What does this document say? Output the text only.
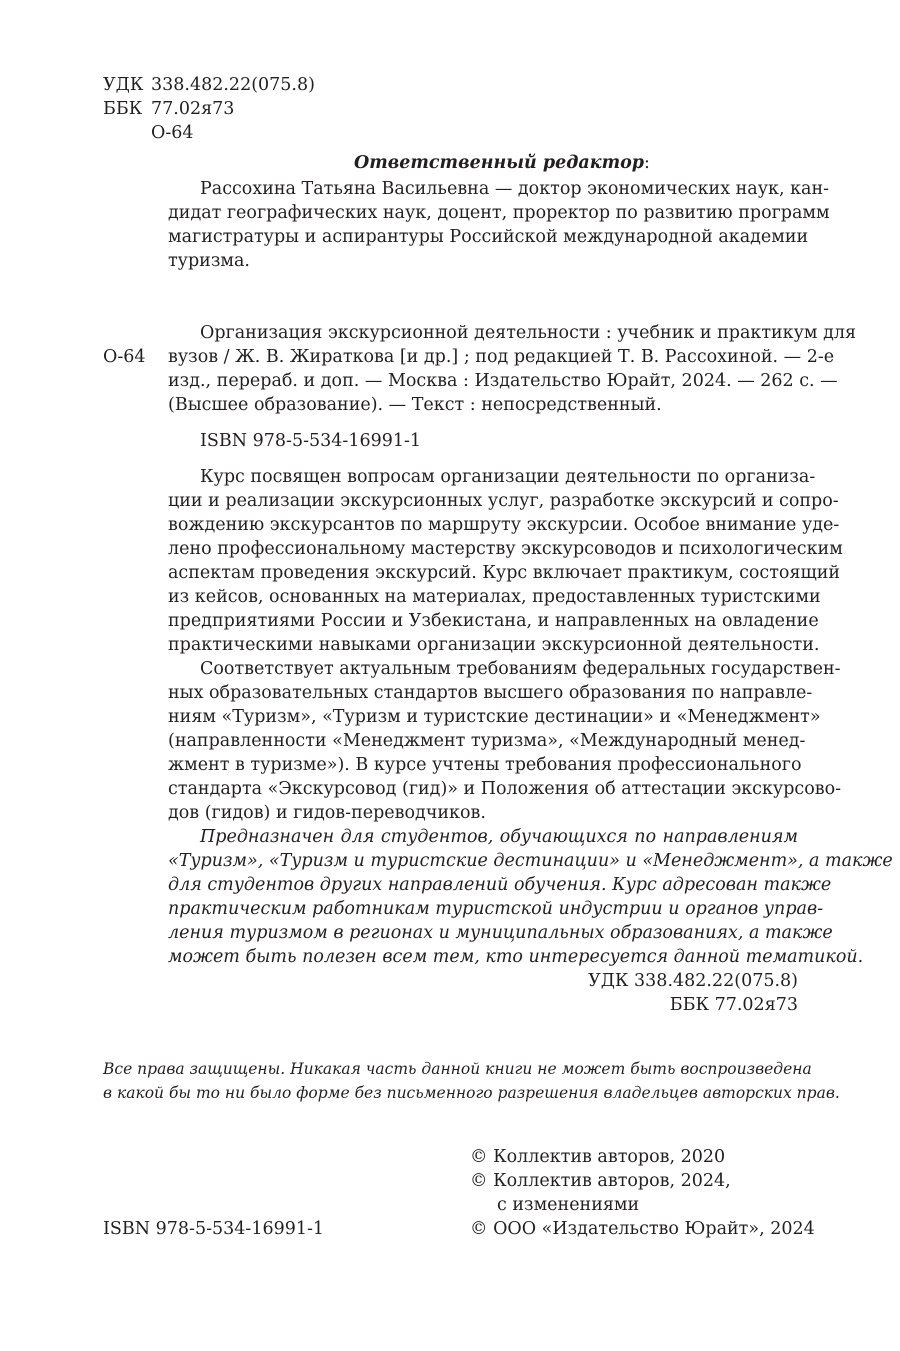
УДК 338.482.22(075.8)
ББК 77.02я73
О-64
Ответственный редактор:
Рассохина Татьяна Васильевна — доктор экономических наук, кан-
дидат географических наук, доцент, проректор по развитию программ
магистратуры и аспирантуры Российской международной академии
туризма.
О-64
Организация экскурсионной деятельности : учебник и практикум для
вузов / Ж. В. Жираткова [и др.] ; под редакцией Т. В. Рассохиной. — 2-е
изд., перераб. и доп. — Москва : Издательство Юрайт, 2024. — 262 с. —
(Высшее образование). — Текст : непосредственный.
ISBN 978-5-534-16991-1
Курс посвящен вопросам организации деятельности по организа-
ции и реализации экскурсионных услуг, разработке экскурсий и сопро-
вождению экскурсантов по маршруту экскурсии. Особое внимание уде-
лено профессиональному мастерству экскурсоводов и психологическим
аспектам проведения экскурсий. Курс включает практикум, состоящий
из кейсов, основанных на материалах, предоставленных туристскими
предприятиями России и Узбекистана, и направленных на овладение
практическими навыками организации экскурсионной деятельности.
Соответствует актуальным требованиям федеральных государствен-
ных образовательных стандартов высшего образования по направле-
ниям «Туризм», «Туризм и туристские дестинации» и «Менеджмент»
(направленности «Менеджмент туризма», «Международный менед-
жмент в туризме»). В курсе учтены требования профессионального
стандарта «Экскурсовод (гид)» и Положения об аттестации экскурсово-
дов (гидов) и гидов-переводчиков.
Предназначен для студентов, обучающихся по направлениям
«Туризм», «Туризм и туристские дестинации» и «Менеджмент», а также
для студентов других направлений обучения. Курс адресован также
практическим работникам туристской индустрии и органов управ-
ления туризмом в регионах и муниципальных образованиях, а также
может быть полезен всем тем, кто интересуется данной тематикой.
УДК 338.482.22(075.8)
ББК 77.02я73
Все права защищены. Никакая часть данной книги не может быть воспроизведена
в какой бы то ни было форме без письменного разрешения владельцев авторских прав.
ISBN 978-5-534-16991-1
© Коллектив авторов, 2020
© Коллектив авторов, 2024,
с изменениями
© ООО «Издательство Юрайт», 2024
